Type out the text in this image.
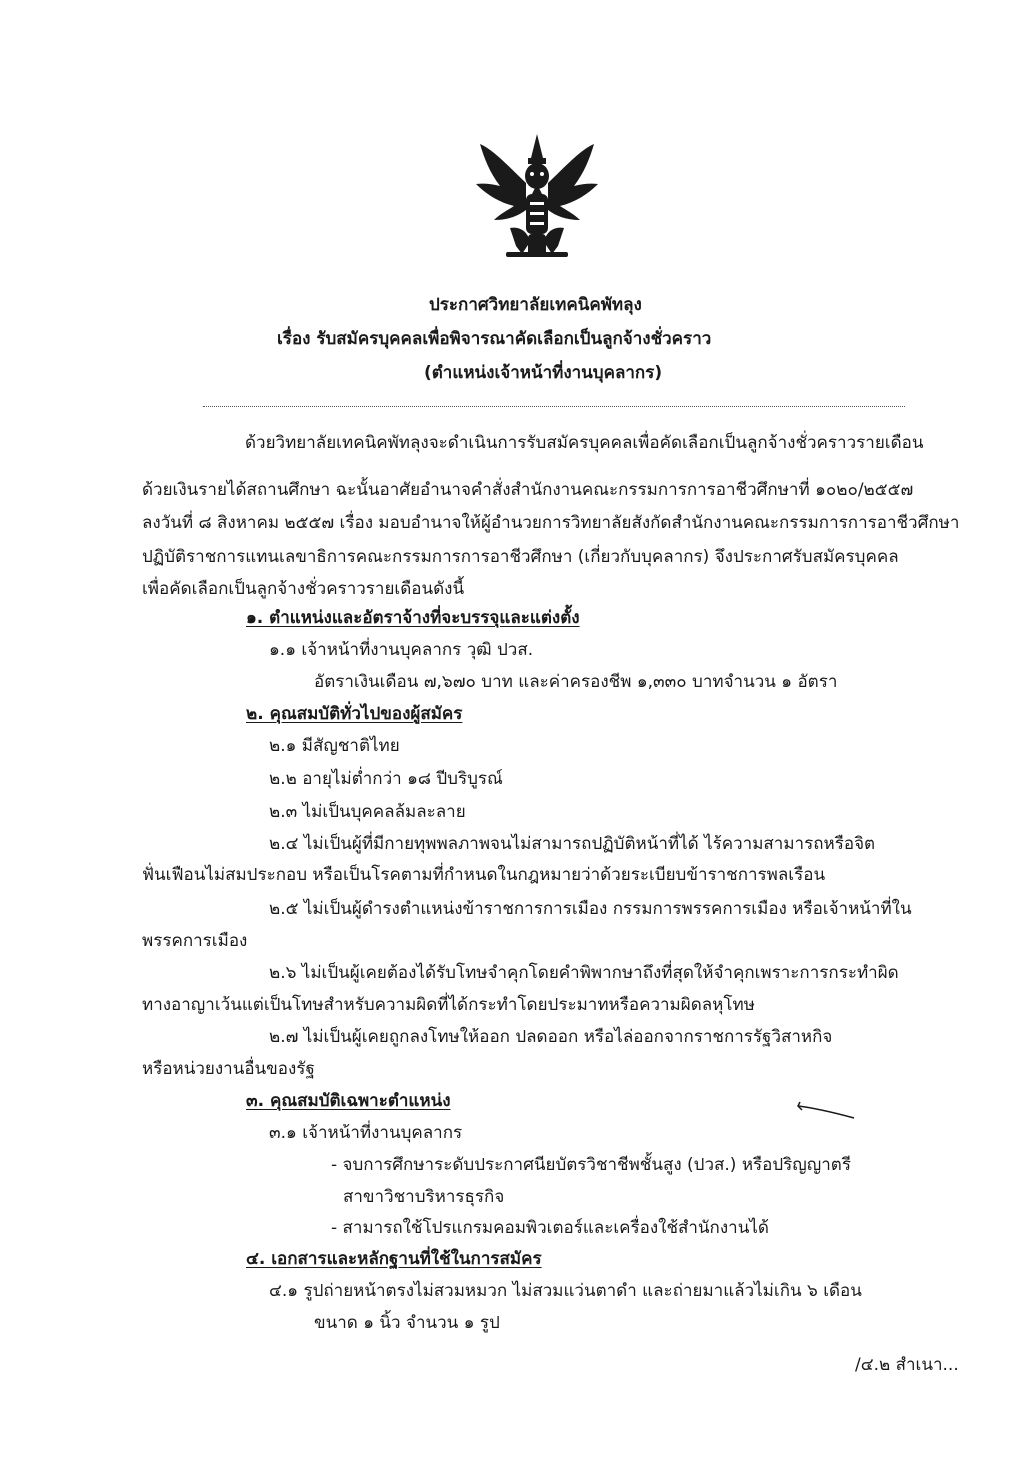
ประกาศวิทยาลัยเทคนิคพัทลุง
เรื่อง รับสมัครบุคคลเพื่อพิจารณาคัดเลือกเป็นลูกจ้างชั่วคราว
(ตำแหน่งเจ้าหน้าที่งานบุคลากร)
ด้วยวิทยาลัยเทคนิคพัทลุงจะดำเนินการรับสมัครบุคคลเพื่อคัดเลือกเป็นลูกจ้างชั่วคราวรายเดือน
ด้วยเงินรายได้สถานศึกษา ฉะนั้นอาศัยอำนาจคำสั่งสำนักงานคณะกรรมการการอาชีวศึกษาที่ ๑๐๒๐/๒๕๕๗
ลงวันที่ ๘ สิงหาคม ๒๕๕๗ เรื่อง มอบอำนาจให้ผู้อำนวยการวิทยาลัยสังกัดสำนักงานคณะกรรมการการอาชีวศึกษา
ปฏิบัติราชการแทนเลขาธิการคณะกรรมการการอาชีวศึกษา (เกี่ยวกับบุคลากร) จึงประกาศรับสมัครบุคคล
เพื่อคัดเลือกเป็นลูกจ้างชั่วคราวรายเดือนดังนี้
๑. ตำแหน่งและอัตราจ้างที่จะบรรจุและแต่งตั้ง
๑.๑ เจ้าหน้าที่งานบุคลากร วุฒิ ปวส.
อัตราเงินเดือน ๗,๖๗๐ บาท และค่าครองชีพ ๑,๓๓๐ บาทจำนวน ๑ อัตรา
๒. คุณสมบัติทั่วไปของผู้สมัคร
๒.๑ มีสัญชาติไทย
๒.๒ อายุไม่ต่ำกว่า ๑๘ ปีบริบูรณ์
๒.๓ ไม่เป็นบุคคลล้มละลาย
๒.๔ ไม่เป็นผู้ที่มีกายทุพพลภาพจนไม่สามารถปฏิบัติหน้าที่ได้ ไร้ความสามารถหรือจิต
ฟั่นเฟือนไม่สมประกอบ หรือเป็นโรคตามที่กำหนดในกฎหมายว่าด้วยระเบียบข้าราชการพลเรือน
๒.๕ ไม่เป็นผู้ดำรงตำแหน่งข้าราชการการเมือง กรรมการพรรคการเมือง หรือเจ้าหน้าที่ใน
พรรคการเมือง
๒.๖ ไม่เป็นผู้เคยต้องได้รับโทษจำคุกโดยคำพิพากษาถึงที่สุดให้จำคุกเพราะการกระทำผิด
ทางอาญาเว้นแต่เป็นโทษสำหรับความผิดที่ได้กระทำโดยประมาทหรือความผิดลหุโทษ
๒.๗ ไม่เป็นผู้เคยถูกลงโทษให้ออก ปลดออก หรือไล่ออกจากราชการรัฐวิสาหกิจ
หรือหน่วยงานอื่นของรัฐ
๓. คุณสมบัติเฉพาะตำแหน่ง
๓.๑ เจ้าหน้าที่งานบุคลากร
- จบการศึกษาระดับประกาศนียบัตรวิชาชีพชั้นสูง (ปวส.) หรือปริญญาตรี
สาขาวิชาบริหารธุรกิจ
- สามารถใช้โปรแกรมคอมพิวเตอร์และเครื่องใช้สำนักงานได้
๔. เอกสารและหลักฐานที่ใช้ในการสมัคร
๔.๑ รูปถ่ายหน้าตรงไม่สวมหมวก ไม่สวมแว่นตาดำ และถ่ายมาแล้วไม่เกิน ๖ เดือน
ขนาด ๑ นิ้ว จำนวน ๑ รูป
/๔.๒ สำเนา...
